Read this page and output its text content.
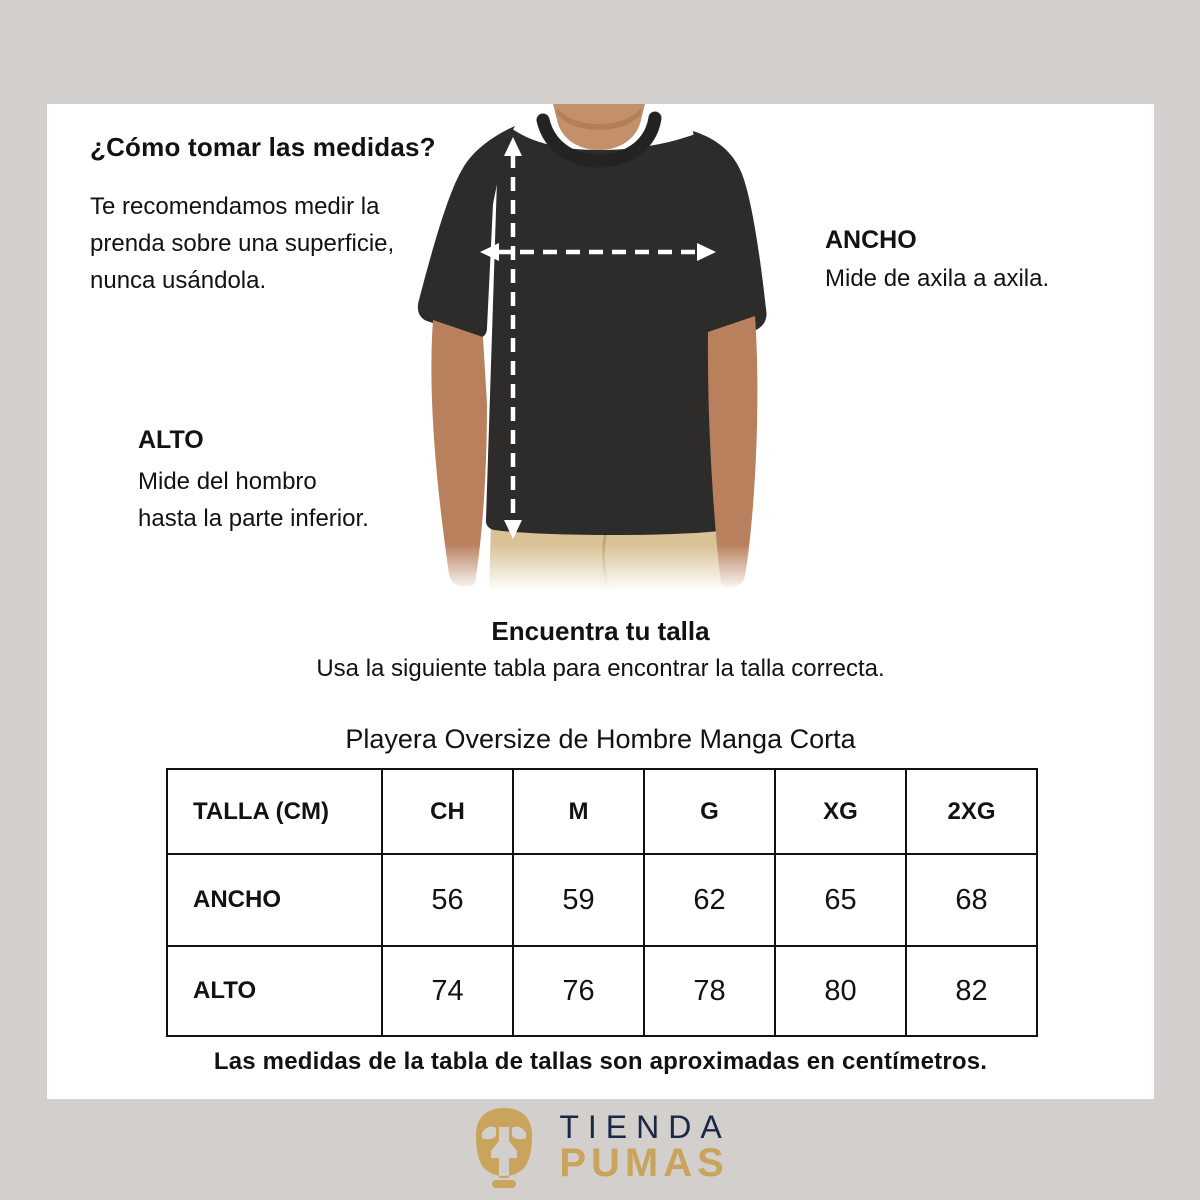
¿Cómo tomar las medidas?

Te recomendamos medir la prenda sobre una superficie, nunca usándola.

ANCHO
Mide de axila a axila.
ALTO
Mide del hombro
hasta la parte inferior.
Encuentra tu talla
Usa la siguiente tabla para encontrar la talla correcta.
Playera Oversize de Hombre Manga Corta
TALLA (CM)	CH	M	G	XG	2XG
ANCHO	56	59	62	65	68
ALTO	74	76	78	80	82
Las medidas de la tabla de tallas son aproximadas en centímetros.
TIENDA
PUMAS
